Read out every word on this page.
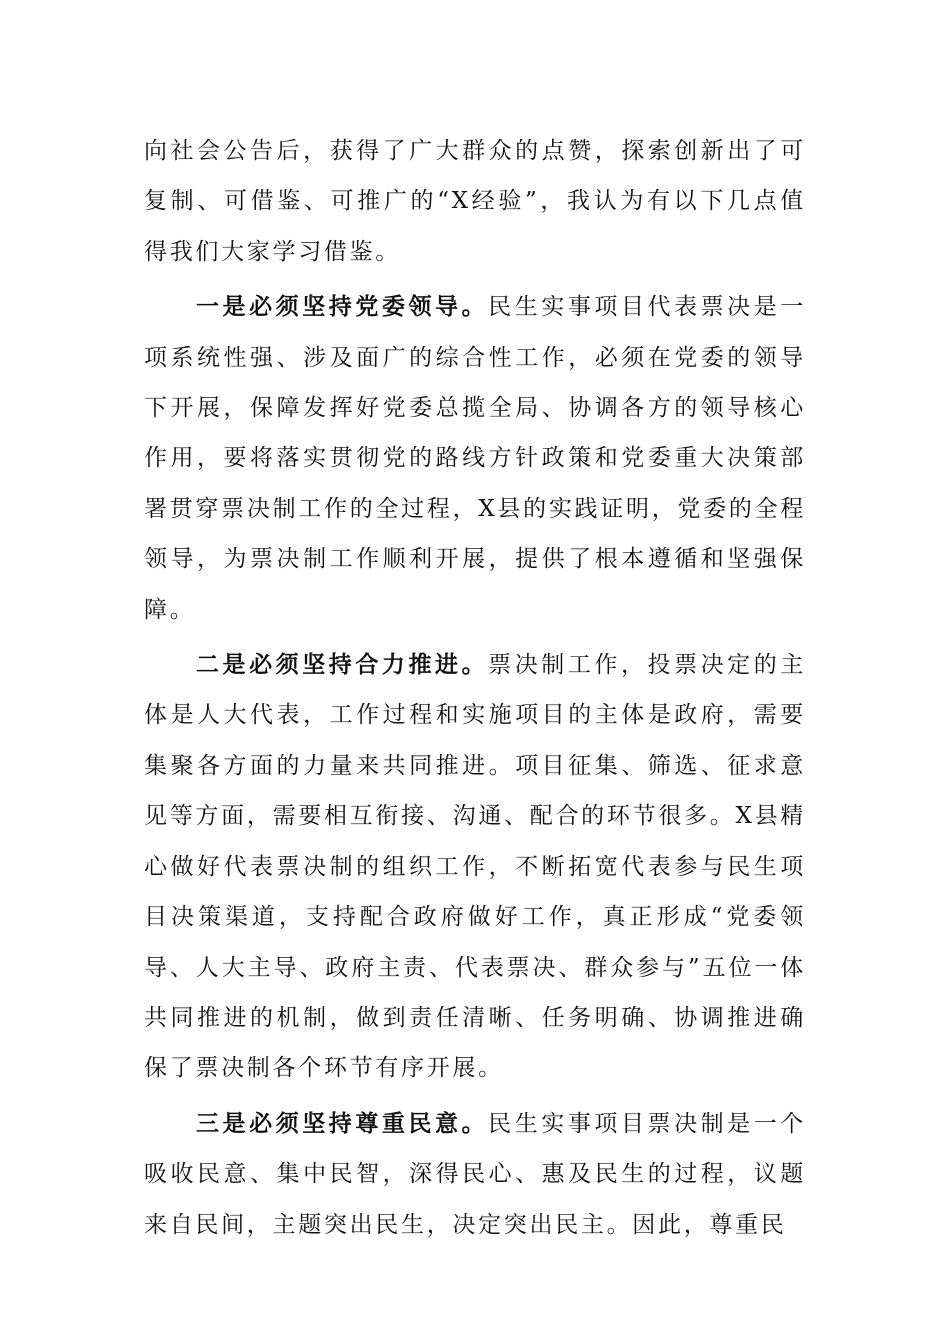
向社会公告后，获得了广大群众的点赞，探索创新出了可复制、可借鉴、可推广的“X经验”，我认为有以下几点值得我们大家学习借鉴。

一是必须坚持党委领导。民生实事项目代表票决是一项系统性强、涉及面广的综合性工作，必须在党委的领导下开展，保障发挥好党委总揽全局、协调各方的领导核心作用，要将落实贯彻党的路线方针政策和党委重大决策部署贯穿票决制工作的全过程，X县的实践证明，党委的全程领导，为票决制工作顺利开展，提供了根本遵循和坚强保障。

二是必须坚持合力推进。票决制工作，投票决定的主体是人大代表，工作过程和实施项目的主体是政府，需要集聚各方面的力量来共同推进。项目征集、筛选、征求意见等方面，需要相互衔接、沟通、配合的环节很多。X县精心做好代表票决制的组织工作，不断拓宽代表参与民生项目决策渠道，支持配合政府做好工作，真正形成“党委领导、人大主导、政府主责、代表票决、群众参与”五位一体共同推进的机制，做到责任清晰、任务明确、协调推进确保了票决制各个环节有序开展。

三是必须坚持尊重民意。民生实事项目票决制是一个吸收民意、集中民智，深得民心、惠及民生的过程，议题来自民间，主题突出民生，决定突出民主。因此，尊重民
